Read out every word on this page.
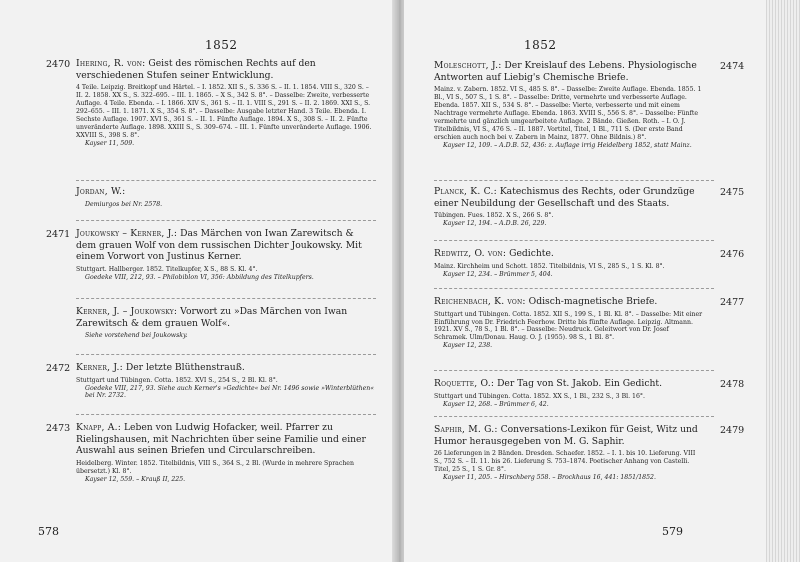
1852
2470 Ihering, R. von: Geist des römischen Rechts auf den verschiedenen Stufen seiner Entwicklung.
4 Teile. Leipzig. Breitkopf und Härtel. – I. 1852. XII S., S. 336 S. – II. 1. 1854. VIII S., 320 S. – II. 2. 1858. XX S., S. 322–695. – III. 1. 1865. – X S., 342 S. 8°. – Dasselbe: Zweite, verbesserte Auflage. 4 Teile. Ebenda. – I. 1866. XIV S., 361 S. – II. 1. VIII S., 291 S. – II. 2. 1869. XXI S., S. 292–655. – III. 1. 1871. X S., 354 S. 8°. – Dasselbe: Ausgabe letzter Hand. 3 Teile. Ebenda. I. Sechste Auflage. 1907. XVI S., 361 S. – II. 1. Fünfte Auflage. 1894. X S., 308 S. – II. 2. Fünfte unveränderte Auflage. 1898. XXIII S., S. 309–674. – III. 1. Fünfte unveränderte Auflage. 1906. XXVIII S., 398 S. 8°.
Kayser 11, 509.
Jordan, W.:
Demiurgos bei Nr. 2578.
2471 Joukowsky – Kerner, J.: Das Märchen von Iwan Zarewitsch & dem grauen Wolf von dem russischen Dichter Joukowsky. Mit einem Vorwort von Justinus Kerner.
Stuttgart. Hallberger. 1852. Titelkupfer, X S., 88 S. Kl. 4°.
Goedeke VIII, 212, 93. – Philobiblon VI, 356: Abbildung des Titelkupfers.
Kerner, J. – Joukowsky: Vorwort zu »Das Märchen von Iwan Zarewitsch & dem grauen Wolf«.
Siehe vorstehend bei Joukowsky.
2472 Kerner, J.: Der letzte Blüthenstrauß.
Stuttgart und Tübingen. Cotta. 1852. XVI S., 254 S., 2 Bl. Kl. 8°.
Goedeke VIII, 217, 93. Siehe auch Kerner's »Gedichte« bei Nr. 1496 sowie »Winterblüthen« bei Nr. 2732.
2473 Knapp, A.: Leben von Ludwig Hofacker, weil. Pfarrer zu Rielingshausen, mit Nachrichten über seine Familie und einer Auswahl aus seinen Briefen und Circularschreiben.
Heidelberg. Winter. 1852. Titelbildnis, VIII S., 364 S., 2 Bl. (Wurde in mehrere Sprachen übersetzt.) Kl. 8°.
Kayser 12, 559. – Krauß II, 225.
578
1852
2474
Moleschott, J.: Der Kreislauf des Lebens. Physiologische Antworten auf Liebig's Chemische Briefe.
Mainz. v. Zabern. 1852. VI S., 485 S. 8°. – Dasselbe: Zweite Auflage. Ebenda. 1855. 1 Bl., VI S., 507 S., 1 S. 8°. – Dasselbe: Dritte, vermehrte und verbesserte Auflage. Ebenda. 1857. XII S., 534 S. 8°. – Dasselbe: Vierte, verbesserte und mit einem Nachtrage vermehrte Auflage. Ebenda. 1863. XVIII S., 556 S. 8°. – Dasselbe: Fünfte vermehrte und gänzlich umgearbeitete Auflage. 2 Bände. Gießen. Roth. – I. O. J. Titelbildnis, VI S., 476 S. – II. 1887. Vortitel, Titel, 1 Bl., 711 S. (Der erste Band erschien auch noch bei v. Zabern in Mainz, 1877. Ohne Bildnis.) 8°.
Kayser 12, 109. – A.D.B. 52, 436: z. Auflage irrig Heidelberg 1852, statt Mainz.
2475
Planck, K. C.: Katechismus des Rechts, oder Grundzüge einer Neubildung der Gesellschaft und des Staats.
Tübingen. Fues. 1852. X S., 266 S. 8°.
Kayser 12, 194. – A.D.B. 26, 229.
2476
Redwitz, O. von: Gedichte.
Mainz. Kirchheim und Schott. 1852. Titelbildnis, VI S., 285 S., 1 S. Kl. 8°.
Kayser 12, 234. – Brümmer 5, 404.
2477
Reichenbach, K. von: Odisch-magnetische Briefe.
Stuttgart und Tübingen. Cotta. 1852. XII S., 199 S., 1 Bl. Kl. 8°. – Dasselbe: Mit einer Einführung von Dr. Friedrich Feerhow. Dritte bis fünfte Auflage. Leipzig. Altmann. 1921. XV S., 78 S., 1 Bl. 8°. – Dasselbe: Neudruck. Geleitwort von Dr. Josef Schramek. Ulm/Donau. Haug. O. J. (1955). 98 S., 1 Bl. 8°.
Kayser 12, 238.
2478
Roquette, O.: Der Tag von St. Jakob. Ein Gedicht.
Stuttgart und Tübingen. Cotta. 1852. XX S., 1 Bl., 232 S., 3 Bl. 16°.
Kayser 12, 268. – Brümmer 6, 42.
2479
Saphir, M. G.: Conversations-Lexikon für Geist, Witz und Humor herausgegeben von M. G. Saphir.
26 Lieferungen in 2 Bänden. Dresden. Schaefer. 1852. – I. 1. bis 10. Lieferung. VIII S., 752 S. – II. 11. bis 26. Lieferung S. 753–1874. Poetischer Anhang von Castelli. Titel, 25 S., 1 S. Gr. 8°.
Kayser 11, 205. – Hirschberg 558. – Brockhaus 16, 441: 1851/1852.
579
